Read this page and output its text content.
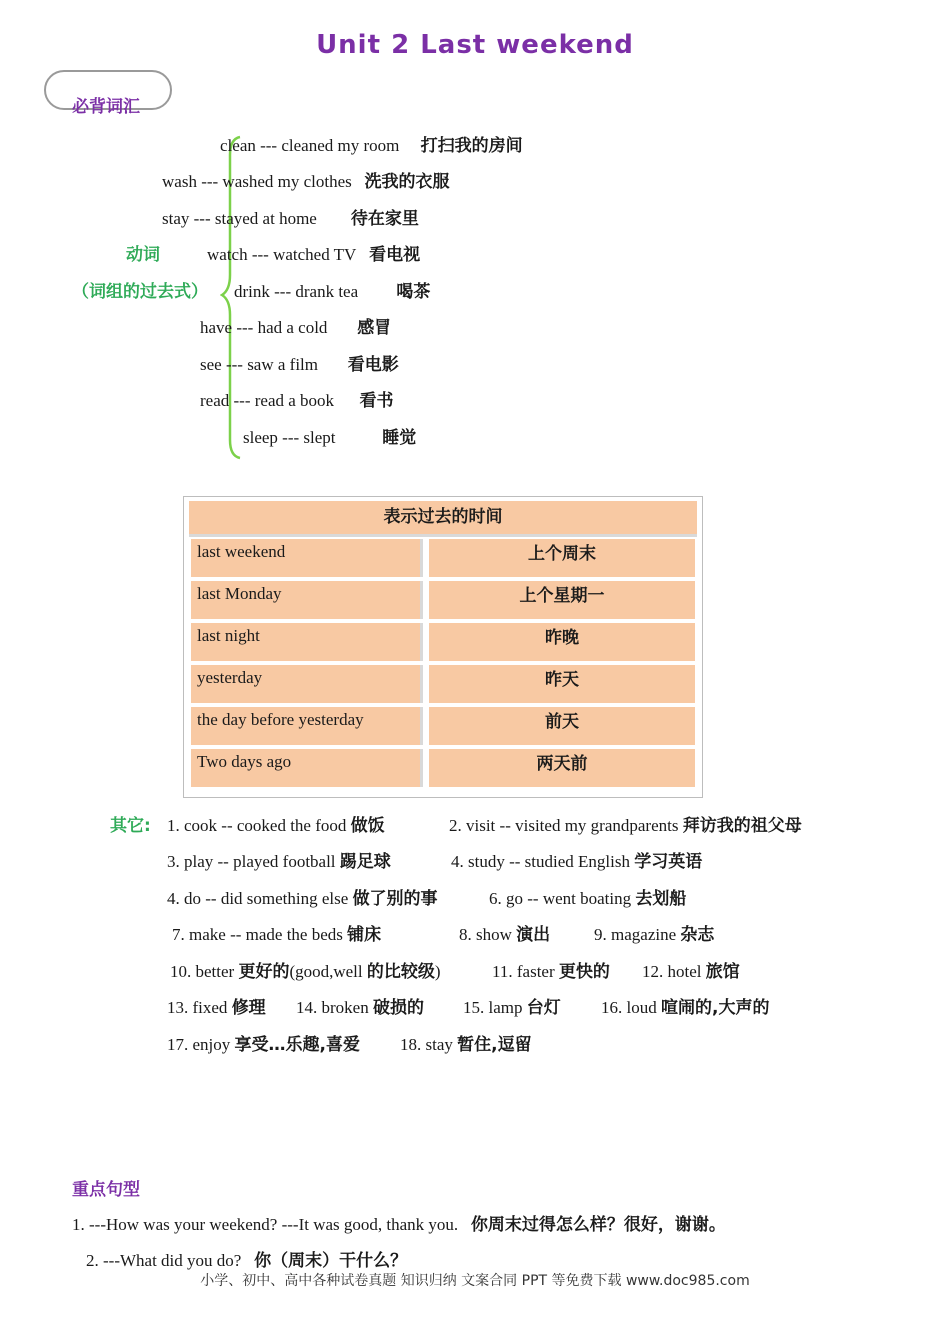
Unit 2 Last weekend
必背词汇
动词
（词组的过去式）
clean --- cleaned my room 打扫我的房间
wash --- washed my clothes 洗我的衣服
stay --- stayed at home 待在家里
watch --- watched TV 看电视
drink --- drank tea 喝茶
have --- had a cold 感冒
see --- saw a film 看电影
read --- read a book 看书
sleep --- slept	睡觉
表示过去的时间
last weekend	上个周末
last Monday	上个星期一
last night	昨晚
yesterday	昨天
the day before yesterday	前天
Two days ago	两天前
其它: 1. cook -- cooked the food 做饭	2. visit -- visited my grandparents 拜访我的祖父母
3. play -- played football 踢足球	4. study -- studied English 学习英语
4. do -- did something else 做了别的事	6. go -- went boating 去划船
7. make -- made the beds 铺床	8. show 演出	9. magazine 杂志
10. better 更好的(good,well 的比较级)	11. faster 更快的 12. hotel 旅馆
13. fixed 修理 14. broken 破损的 15. lamp 台灯 16. loud 喧闹的,大声的
17. enjoy 享受…乐趣,喜爱 18. stay 暂住,逗留
重点句型
1. ---How was your weekend? ---It was good, thank you. 你周末过得怎么样？很好，谢谢。
2. ---What did you do? 你（周末）干什么？
小学、初中、高中各种试卷真题 知识归纳 文案合同 PPT 等免费下载 www.doc985.com
